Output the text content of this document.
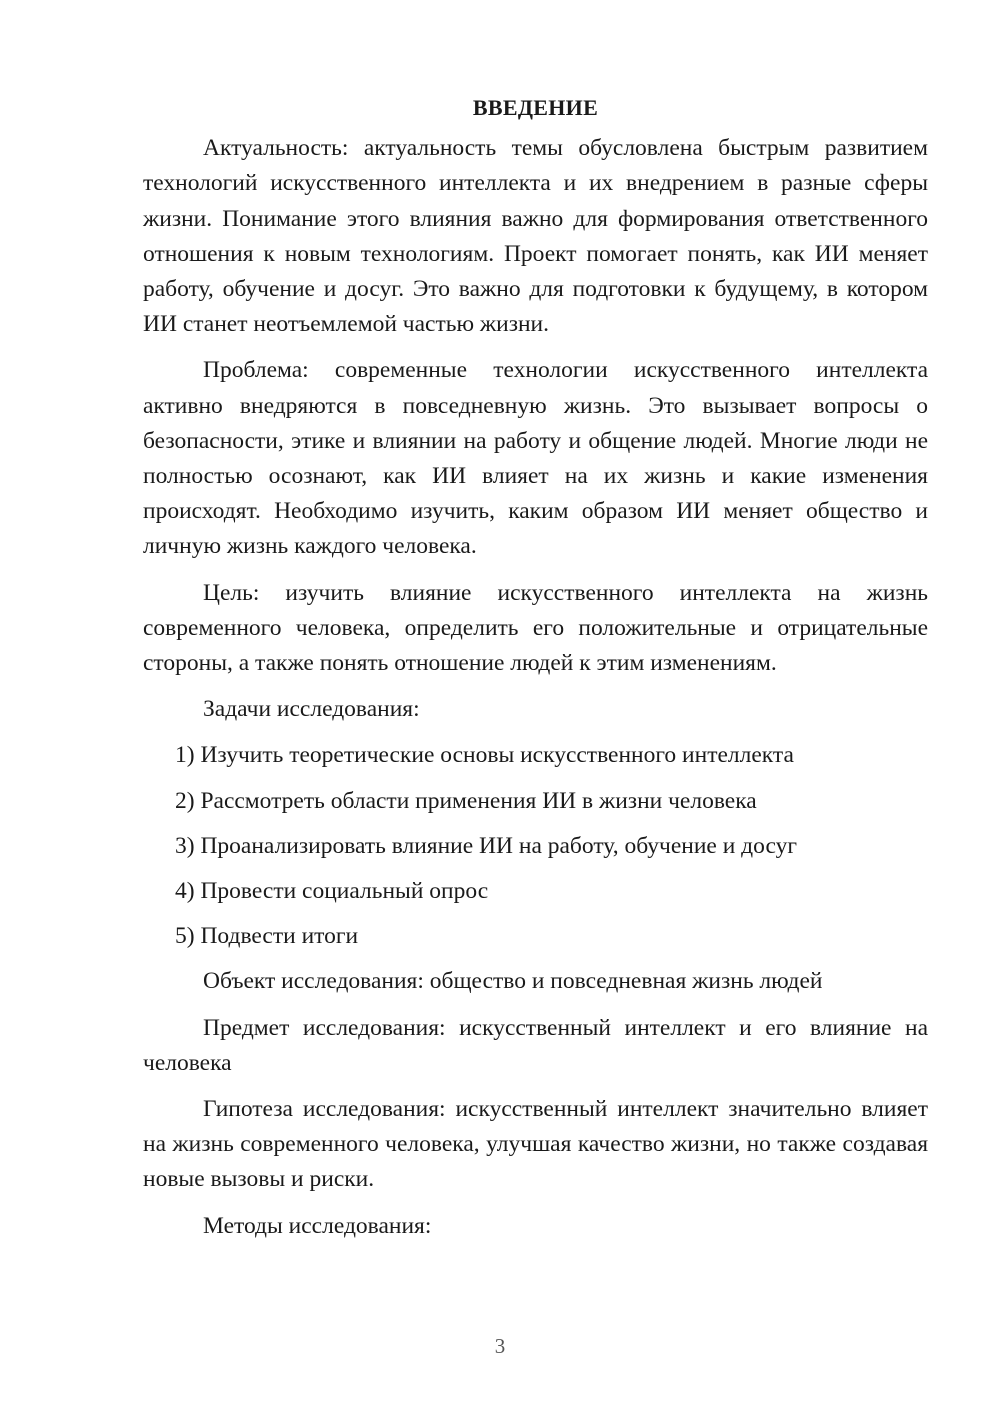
ВВЕДЕНИЕ

Актуальность: актуальность темы обусловлена быстрым развитием технологий искусственного интеллекта и их внедрением в разные сферы жизни. Понимание этого влияния важно для формирования ответственного отношения к новым технологиям. Проект помогает понять, как ИИ меняет работу, обучение и досуг. Это важно для подготовки к будущему, в котором ИИ станет неотъемлемой частью жизни.

Проблема: современные технологии искусственного интеллекта активно внедряются в повседневную жизнь. Это вызывает вопросы о безопасности, этике и влиянии на работу и общение людей. Многие люди не полностью осознают, как ИИ влияет на их жизнь и какие изменения происходят. Необходимо изучить, каким образом ИИ меняет общество и личную жизнь каждого человека.

Цель: изучить влияние искусственного интеллекта на жизнь современного человека, определить его положительные и отрицательные стороны, а также понять отношение людей к этим изменениям.

Задачи исследования:

1) Изучить теоретические основы искусственного интеллекта

2) Рассмотреть области применения ИИ в жизни человека

3) Проанализировать влияние ИИ на работу, обучение и досуг

4) Провести социальный опрос

5) Подвести итоги

Объект исследования: общество и повседневная жизнь людей

Предмет исследования: искусственный интеллект и его влияние на человека

Гипотеза исследования: искусственный интеллект значительно влияет на жизнь современного человека, улучшая качество жизни, но также создавая новые вызовы и риски.

Методы исследования:

3
